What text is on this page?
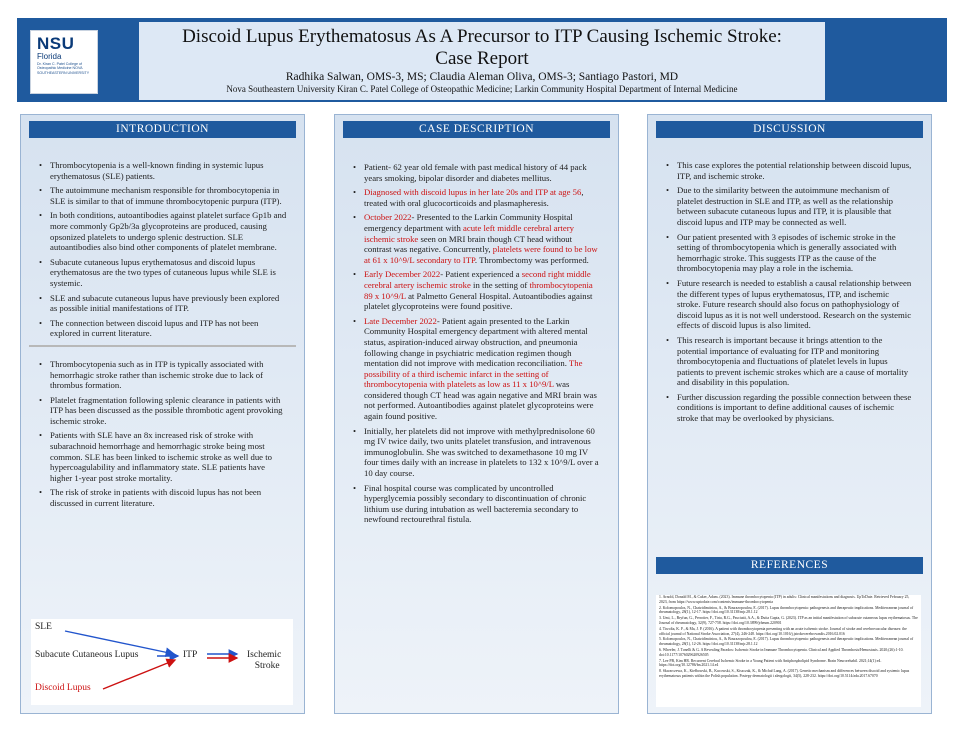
NSU
Florida
Dr. Kiran C. Patel College of Osteopathic Medicine NOVA SOUTHEASTERN UNIVERSITY
Discoid Lupus Erythematosus As A Precursor to ITP Causing Ischemic Stroke:
Case Report
Radhika Salwan, OMS-3, MS; Claudia Aleman Oliva, OMS-3; Santiago Pastori, MD
Nova Southeastern University Kiran C. Patel College of Osteopathic Medicine; Larkin Community Hospital Department of Internal Medicine
INTRODUCTION
• Thrombocytopenia is a well-known finding in systemic lupus erythematosus (SLE) patients.
• The autoimmune mechanism responsible for thrombocytopenia in SLE is similar to that of immune thrombocytopenic purpura (ITP).
• In both conditions, autoantibodies against platelet surface Gp1b and more commonly Gp2b/3a glycoproteins are produced, causing opsonized platelets to undergo splenic destruction. SLE autoantibodies also bind other components of platelet membrane.
• Subacute cutaneous lupus erythematosus and discoid lupus erythematosus are the two types of cutaneous lupus while SLE is systemic.
• SLE and subacute cutaneous lupus have previously been explored as possible initial manifestations of ITP.
• The connection between discoid lupus and ITP has not been explored in current literature.
• Thrombocytopenia such as in ITP is typically associated with hemorrhagic stroke rather than ischemic stroke due to lack of thrombus formation.
• Platelet fragmentation following splenic clearance in patients with ITP has been discussed as the possible thrombotic agent provoking ischemic stroke.
• Patients with SLE have an 8x increased risk of stroke with subarachnoid hemorrhage and hemorrhagic stroke being most common. SLE has been linked to ischemic stroke as well due to hypercoagulability and inflammatory state. SLE patients have higher 1-year post stroke mortality.
• The risk of stroke in patients with discoid lupus has not been discussed in current literature.
SLE
Subacute Cutaneous Lupus
Discoid Lupus
ITP	Ischemic
Stroke
CASE DESCRIPTION
• Patient- 62 year old female with past medical history of 44 pack years smoking, bipolar disorder and diabetes mellitus.
• Diagnosed with discoid lupus in her late 20s and ITP at age 56, treated with oral glucocorticoids and plasmapheresis.
• October 2022- Presented to the Larkin Community Hospital emergency department with acute left middle cerebral artery ischemic stroke seen on MRI brain though CT head without contrast was negative. Concurrently, platelets were found to be low at 61 x 10^9/L secondary to ITP. Thrombectomy was performed.
• Early December 2022- Patient experienced a second right middle cerebral artery ischemic stroke in the setting of thrombocytopenia 89 x 10^9/L at Palmetto General Hospital. Autoantibodies against platelet glycoproteins were found positive.
• Late December 2022- Patient again presented to the Larkin Community Hospital emergency department with altered mental status, aspiration-induced airway obstruction, and pneumonia following change in psychiatric medication regimen though mentation did not improve with medication reconciliation. The possibility of a third ischemic infarct in the setting of thrombocytopenia with platelets as low as 11 x 10^9/L was considered though CT head was again negative and MRI brain was not performed. Autoantibodies against platelet glycoproteins were again found positive.
• Initially, her platelets did not improve with methylprednisolone 60 mg IV twice daily, two units platelet transfusion, and intravenous immunoglobulin. She was switched to dexamethasone 10 mg IV four times daily with an increase in platelets to 132 x 10^9/L over a 10 day course.
• Final hospital course was complicated by uncontrolled hyperglycemia possibly secondary to discontinuation of chronic lithium use during intubation as well bacteremia secondary to newfound rectourethral fistula.
DISCUSSION
• This case explores the potential relationship between discoid lupus, ITP, and ischemic stroke.
• Due to the similarity between the autoimmune mechanism of platelet destruction in SLE and ITP, as well as the relationship between subacute cutaneous lupus and ITP, it is plausible that discoid lupus and ITP may be connected as well.
• Our patient presented with 3 episodes of ischemic stroke in the setting of thrombocytopenia which is generally associated with hemorrhagic stroke. This suggests ITP as the cause of the thrombocytopenia may play a role in the ischemia.
• Future research is needed to establish a causal relationship between the different types of lupus erythematosus, ITP, and ischemic stroke. Future research should also focus on pathophysiology of discoid lupus as it is not well understood. Research on the systemic effects of discoid lupus is also limited.
• This research is important because it brings attention to the potential importance of evaluating for ITP and monitoring thrombocytopenia and fluctuations of platelet levels in lupus patients to prevent ischemic strokes which are a cause of mortality and disability in this population.
• Further discussion regarding the possible connection between these conditions is important to define additional causes of ischemic stroke that may be overlooked by physicians.
REFERENCES
1. Arnold, Donald M., & Cuker, Adam. (2023). Immune thrombocytopenia (ITP) in adults: Clinical manifestations and diagnosis. UpToDate. Retrieved February 25, 2023, from https://www.uptodate.com/contents/immune-thrombocytopenia
2. Kolomopoulos, N., Chatzidimitriou, A., & Bourazopoulou, E. (2017). Lupus thrombocytopenia: pathogenesis and therapeutic implications. Mediterranean journal of rheumatology, 28(1), 12-17. https://doi.org/10.31138/mjr.28.1.12
3. Umi, L., Bryfun, G., Perrotier, F., Tiria, R.G., Pasciutti, A.A., & Dutta Gupta, G. (2023). ITP as an initial manifestation of subacute cutaneous lupus erythematosus. The Journal of rheumatology, 32(9), 727-758. https://doi.org/10.3899/jrheum.220901
4. Tiwolta, K. F., & Ma, J. P. (2016). A patient with thrombocytopenia presenting with an acute ischemic stroke. Journal of stroke and cerebrovascular diseases: the official journal of National Stroke Association, 27(4), 246-248. https://doi.org/10.1016/j.jstrokecerebrovasdis.2016.02.016
5. Kolomopoulos, N., Chatzidimitriou, A., & Bourazopoulou, E. (2017). Lupus thrombocytopenia: pathogenesis and therapeutic implications. Mediterranean journal of rheumatology, 28(1), 12-26. https://doi.org/10.31138/mjr.28.1.12
6. Wheeler, J. Tonelli & G. A Revealing Paradox: Ischemic Stroke in Immune Thrombocytopenia. Clinical and Applied Thrombosis/Hemostasis. 2020;(26):1-10. doi:10.1177/1076029620926505
7. Lee PB, Kim HR. Recurrent Cerebral Ischemic Stroke in a Young Patient with Antiphospholipid Syndrome. Brain Neurorehabil. 2021;14(1):e4. https://doi.org/10.12786/bn.2021.14.e4
8. Skwarczewa, K., Kiełbowski, B., Kucowski, S., Kiszczak, K., & Michał Lang, A. (2017). Genetic mechanism and differences between discoid and systemic lupus erythematosus patients within the Polish population. Postepy dermatologii i alergologii, 34(5), 228-232. https://doi.org/10.5114/ada.2017.67070
